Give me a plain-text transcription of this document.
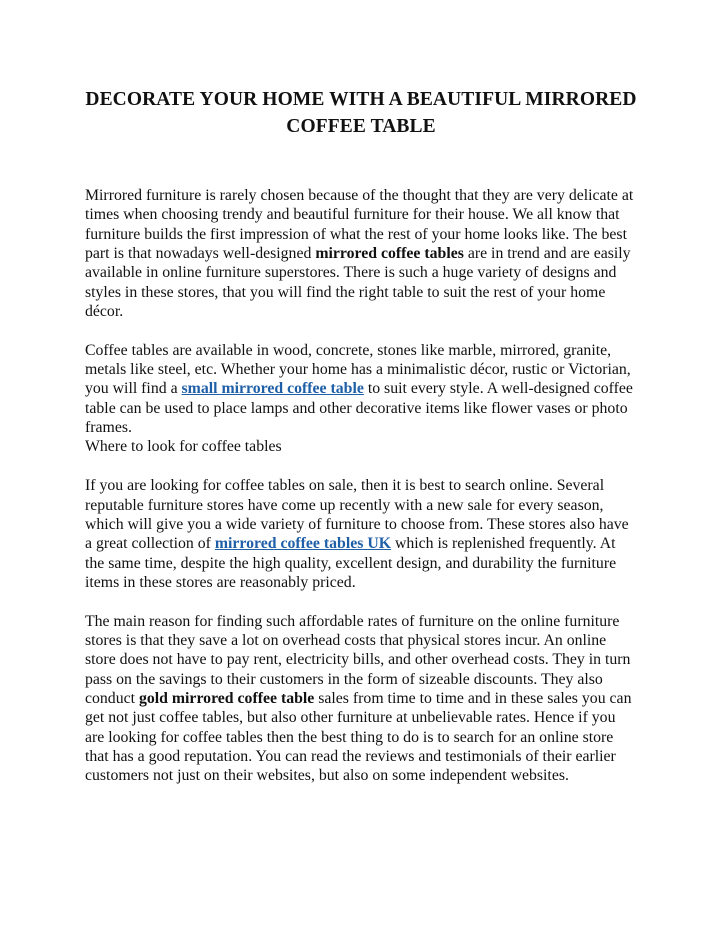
DECORATE YOUR HOME WITH A BEAUTIFUL MIRRORED
COFFEE TABLE

Mirrored furniture is rarely chosen because of the thought that they are very delicate at times when choosing trendy and beautiful furniture for their house. We all know that furniture builds the first impression of what the rest of your home looks like. The best part is that nowadays well-designed mirrored coffee tables are in trend and are easily available in online furniture superstores. There is such a huge variety of designs and styles in these stores, that you will find the right table to suit the rest of your home décor.

Coffee tables are available in wood, concrete, stones like marble, mirrored, granite, metals like steel, etc. Whether your home has a minimalistic décor, rustic or Victorian, you will find a small mirrored coffee table to suit every style. A well-designed coffee table can be used to place lamps and other decorative items like flower vases or photo frames.

Where to look for coffee tables

If you are looking for coffee tables on sale, then it is best to search online. Several reputable furniture stores have come up recently with a new sale for every season, which will give you a wide variety of furniture to choose from. These stores also have a great collection of mirrored coffee tables UK which is replenished frequently. At the same time, despite the high quality, excellent design, and durability the furniture items in these stores are reasonably priced.

The main reason for finding such affordable rates of furniture on the online furniture stores is that they save a lot on overhead costs that physical stores incur. An online store does not have to pay rent, electricity bills, and other overhead costs. They in turn pass on the savings to their customers in the form of sizeable discounts. They also conduct gold mirrored coffee table sales from time to time and in these sales you can get not just coffee tables, but also other furniture at unbelievable rates. Hence if you are looking for coffee tables then the best thing to do is to search for an online store that has a good reputation. You can read the reviews and testimonials of their earlier customers not just on their websites, but also on some independent websites.
